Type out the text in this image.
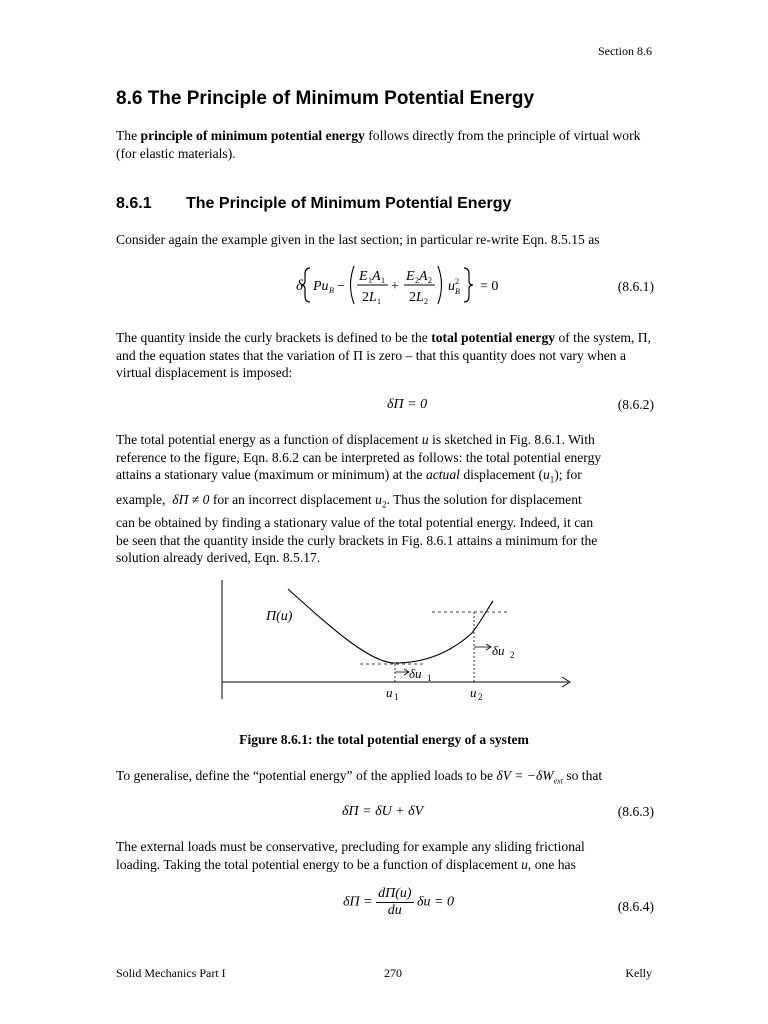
Section 8.6
8.6 The Principle of Minimum Potential Energy
The principle of minimum potential energy follows directly from the principle of virtual work (for elastic materials).
8.6.1 The Principle of Minimum Potential Energy
Consider again the example given in the last section; in particular re-write Eqn. 8.5.15 as
δ Pu B −
E 1 A 1
2 L 1
+
E 2 A 2
2 L 2
u 2
B = 0	(8.6.1)
The quantity inside the curly brackets is defined to be the total potential energy of the system, Π, and the equation states that the variation of Π is zero – that this quantity does not vary when a virtual displacement is imposed:
δΠ = 0	(8.6.2)

The total potential energy as a function of displacement u is sketched in Fig. 8.6.1. With

reference to the figure, Eqn. 8.6.2 can be interpreted as follows: the total potential energy

attains a stationary value (maximum or minimum) at the actual displacement $(u_1)$; for

example,  δΠ ≠ 0 for an incorrect displacement $u_2$. Thus the solution for displacement

can be obtained by finding a stationary value of the total potential energy. Indeed, it can

be seen that the quantity inside the curly brackets in Fig. 8.6.1 attains a minimum for the

solution already derived, Eqn. 8.5.17.

Π(u)
δu 2
δu 1
u 1	u 2
Figure 8.6.1: the total potential energy of a system
To generalise, define the “potential energy” of the applied loads to be $\delta V = -\delta W_{ext}$ so that
δΠ = δU + δV	(8.6.3)

The external loads must be conservative, precluding for example any sliding frictional

loading. Taking the total potential energy to be a function of displacement u, one has

$\delta\Pi = \frac{d\Pi(u)}{du}$ δu = 0	(8.6.4)
Solid Mechanics Part I	270	Kelly
